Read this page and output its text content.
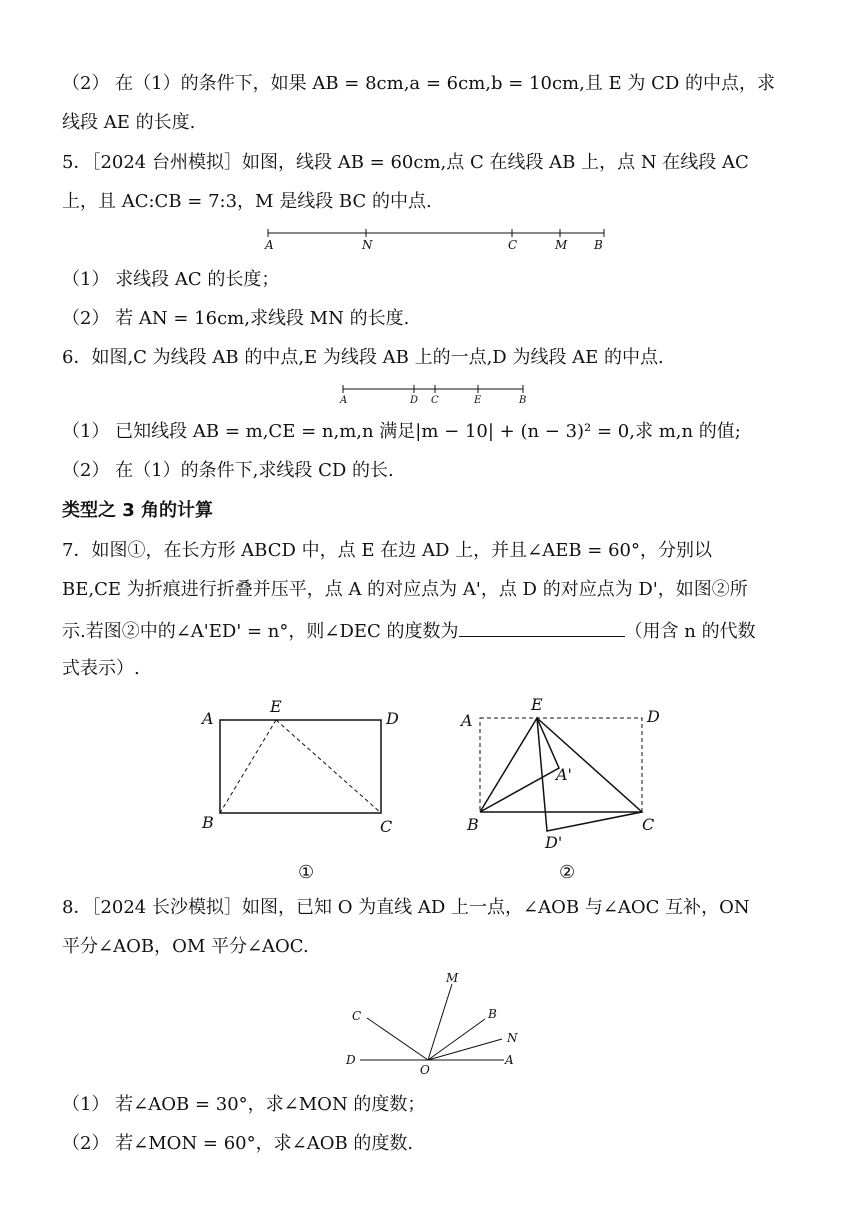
（2） 在（1）的条件下，如果 AB = 8cm,a = 6cm,b = 10cm,且 E 为 CD 的中点，求
线段 AE 的长度.
5．［2024 台州模拟］如图，线段 AB = 60cm,点 C 在线段 AB 上，点 N 在线段 AC
上，且 AC:CB = 7:3，M 是线段 BC 的中点.
A	N	C	M B
（1） 求线段 AC 的长度；
（2） 若 AN = 16cm,求线段 MN 的长度.
6．如图,C 为线段 AB 的中点,E 为线段 AB 上的一点,D 为线段 AE 的中点.
A	D C	E	B
（1） 已知线段 AB = m,CE = n,m,n 满足|m − 10| + (n − 3)² = 0,求 m,n 的值;
（2） 在（1）的条件下,求线段 CD 的长.
类型之 3 角的计算
7．如图①，在长方形 ABCD 中，点 E 在边 AD 上，并且∠AEB = 60°，分别以
BE,CE 为折痕进行折叠并压平，点 A 的对应点为 A'，点 D 的对应点为 D'，如图②所
示.若图②中的∠A'ED' = n°，则∠DEC 的度数为	（用含 n 的代数
式表示）.
A
E
D
B	C
①
A
E
D
A'
B
D'
C
②
8．［2024 长沙模拟］如图，已知 O 为直线 AD 上一点，∠AOB 与∠AOC 互补，ON
平分∠AOB，OM 平分∠AOC.
M
C	B
N
D
O
A
（1） 若∠AOB = 30°，求∠MON 的度数；
（2） 若∠MON = 60°，求∠AOB 的度数.
